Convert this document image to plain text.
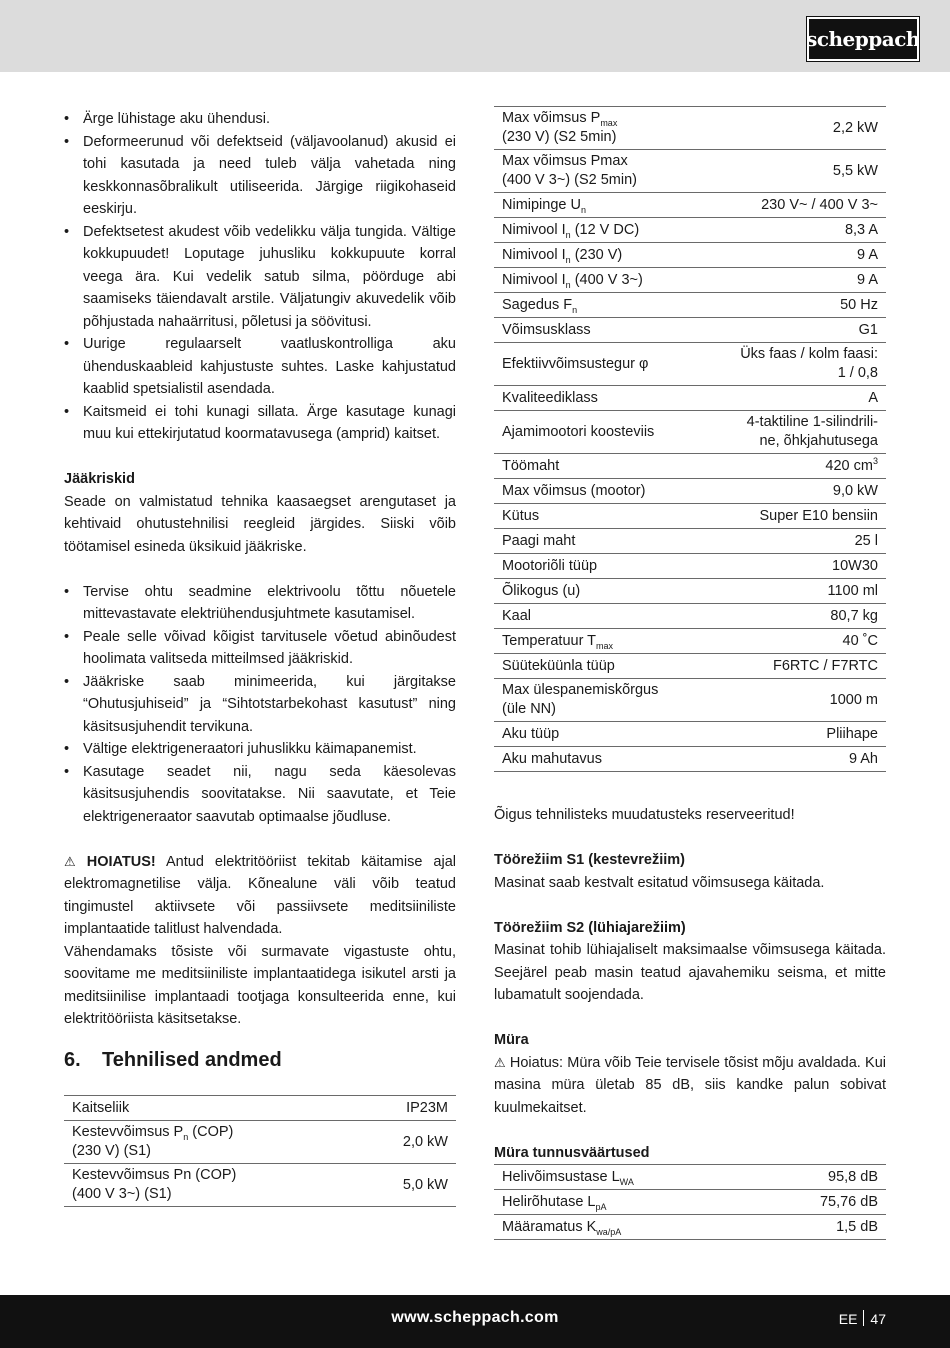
scheppach
• Ärge lühistage aku ühendusi.
• Deformeerunud või defektseid (väljavoolanud) akusid ei tohi kasutada ja need tuleb välja vahetada ning keskkonnasõbralikult utiliseerida. Järgige riigikohaseid eeskirju.
• Defektsetest akudest võib vedelikku välja tungida. Vältige kokkupuudet! Loputage juhusliku kokkupuute korral veega ära. Kui vedelik satub silma, pöörduge abi saamiseks täiendavalt arstile. Väljatungiv akuvedelik võib põhjustada nahaärritusi, põletusi ja söövitusi.
• Uurige regulaarselt vaatluskontrolliga aku ühenduskaableid kahjustuste suhtes. Laske kahjustatud kaablid spetsialistil asendada.
• Kaitsmeid ei tohi kunagi sillata. Ärge kasutage kunagi muu kui ettekirjutatud koormatavusega (amprid) kaitset.

Jääkriskid

Seade on valmistatud tehnika kaasaegset arengutaset ja kehtivaid ohutustehnilisi reeglеid järgides. Siiski võib töötamisel esineda üksikuid jääkriske.

• Tervise ohtu seadmine elektrivoolu tõttu nõuetele mittevastavate elektriühendusjuhtmete kasutamisel.
• Peale selle võivad kõigist tarvitusele võetud abinõudest hoolimata valitseda mitteilmsed jääkriskid.
• Jääkriske saab minimeerida, kui järgitakse “Ohutusjuhiseid” ja “Sihtotstarbekohast kasutust” ning käsitsusjuhendit tervikuna.
• Vältige elektrigeneraatori juhuslikku käimapanemist.
• Kasutage seadet nii, nagu seda käesolevas käsitsusjuhendis soovitatakse. Nii saavutate, et Teie elektrigeneraator saavutab optimaalse jõudluse.

⚠ HOIATUS! Antud elektritööriist tekitab käitamise ajal elektromagnetilise välja. Kõnealune väli võib teatud tingimustel aktiivsete või passiivsete meditsiiniliste implantaatide talitlust halvendada.

Vähendamaks tõsiste või surmavate vigastuste ohtu, soovitame me meditsiiniliste implantaatidega isikutel arsti ja meditsiinilise implantaadi tootjaga konsulteerida enne, kui elektritööriista käsitsetakse.

6. Tehnilised andmed
Kaitseliik	IP23M
Kestevvõimsus $P_n$ (COP)
(230 V) (S1)	2,0 kW
Kestevvõimsus Pn (COP)
(400 V 3~) (S1)	5,0 kW
Max võimsus $P_{max}$
(230 V) (S2 5min)	2,2 kW
Max võimsus Pmax
(400 V 3~) (S2 5min)	5,5 kW
Nimipinge $U_n$	230 V~ / 400 V 3~
Nimivool $I_n$ (12 V DC)	8,3 A
Nimivool $I_n$ (230 V)	9 A
Nimivool $I_n$ (400 V 3~)	9 A
Sagedus $F_n$	50 Hz
Võimsusklass	G1
Efektiivvõimsustegur φ	Üks faas / kolm faasi:
1 / 0,8
Kvaliteediklass	A
Ajamimootori koosteviis	4-taktiline 1-silindrili-
ne, õhkjahutusega
Töömaht	420 $cm^3$
Max võimsus (mootor)	9,0 kW
Kütus	Super E10 bensiin
Paagi maht	25 l
Mootoriõli tüüp	10W30
Õlikogus (u)	1100 ml
Kaal	80,7 kg
Temperatuur $T_{max}$	40 ˚C
Süüteküünla tüüp	F6RTC / F7RTC
Max ülespanemiskõrgus
(üle NN)	1000 m
Aku tüüp	Pliihape
Aku mahutavus	9 Ah

Õigus tehnilisteks muudatusteks reserveeritud!

Töörežiim S1 (kestevrežiim)

Masinat saab kestvalt esitatud võimsusega käitada.

Töörežiim S2 (lühiajarežiim)

Masinat tohib lühiajaliselt maksimaalse võimsusega käitada. Seejärel peab masin teatud ajavahemiku seisma, et mitte lubamatult soojendada.

Müra

⚠ Hoiatus: Müra võib Teie tervisele tõsist mõju avaldada. Kui masina müra ületab 85 dB, siis kandke palun sobivat kuulmekaitset.

Müra tunnusväärtused

Helivõimsustase $L_{WA}$	95,8 dB
Helirõhutase $L_{pA}$	75,76 dB
Määramatus $K_{wa/pA}$	1,5 dB
www.scheppach.com	EE 47
